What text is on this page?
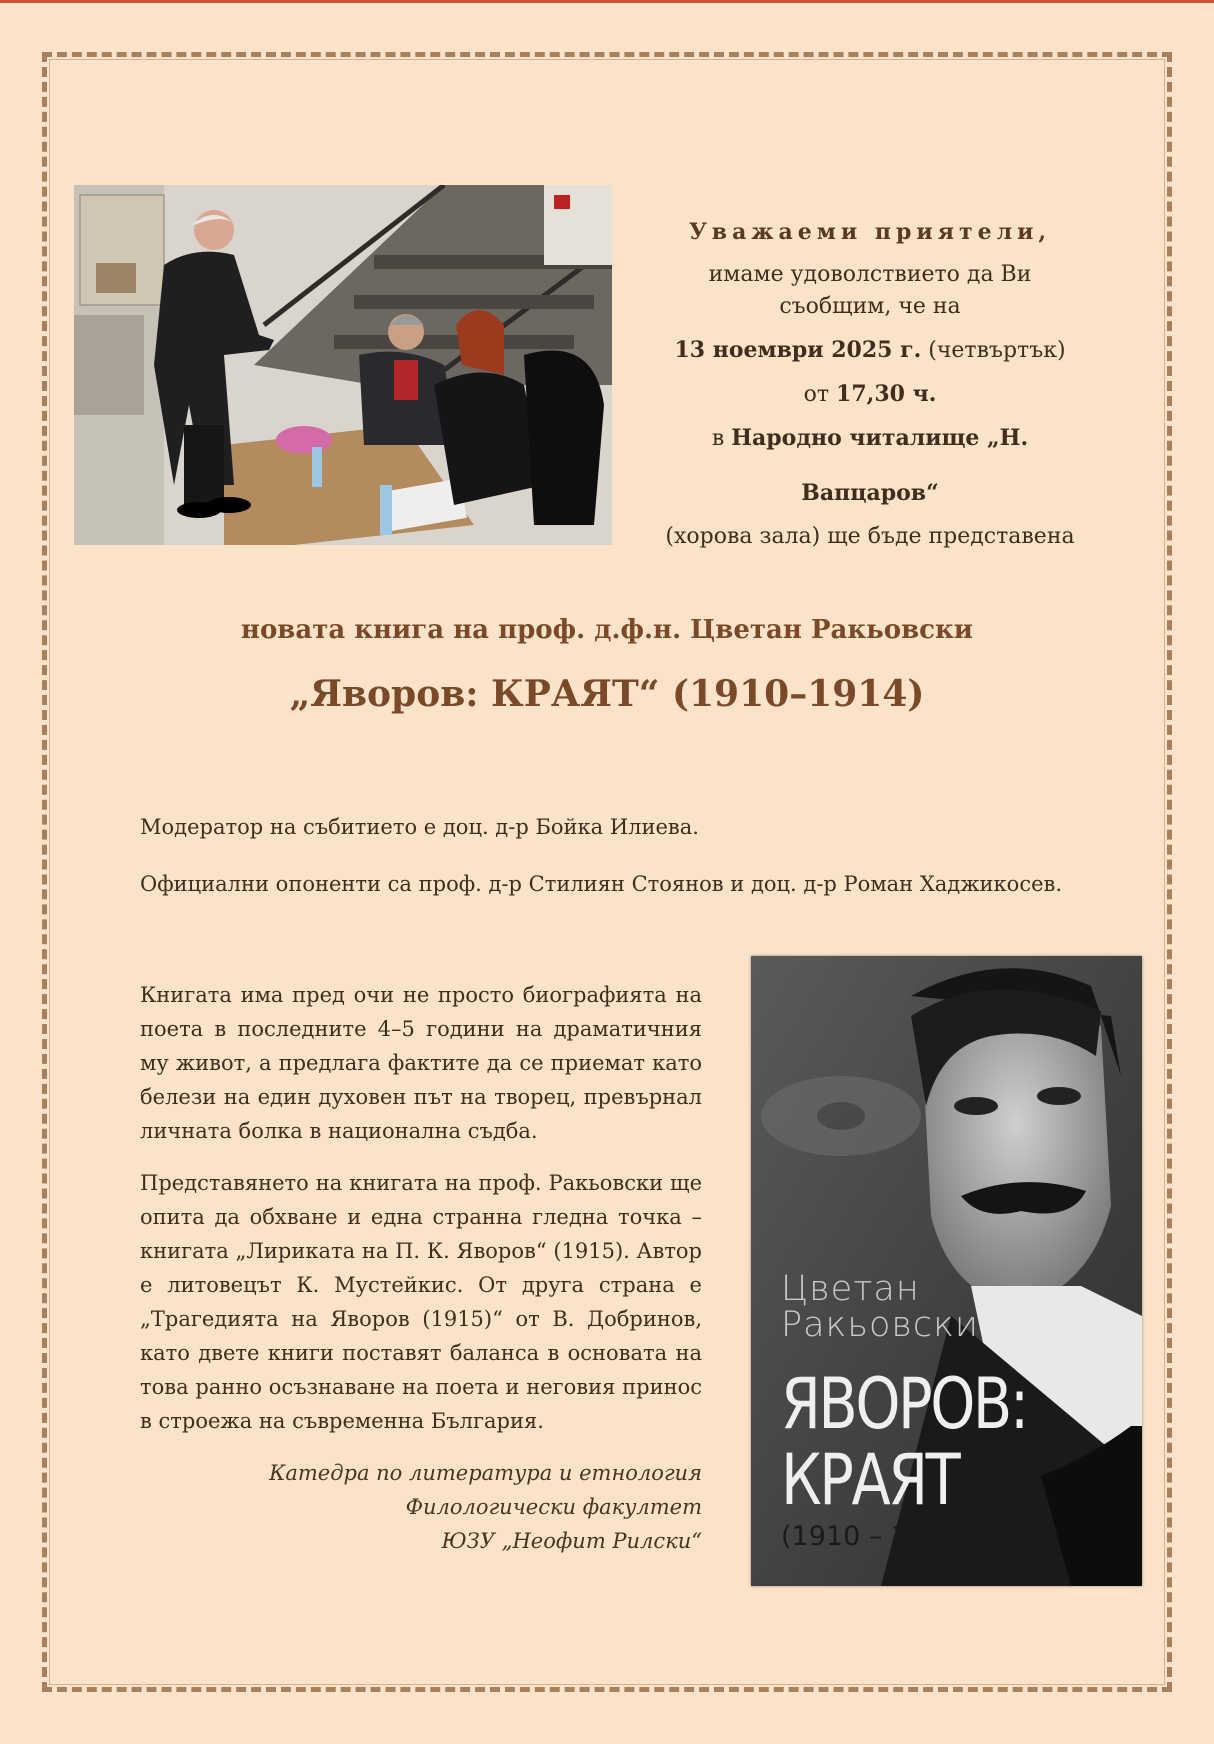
Уважаеми приятели,
имаме удоволствието да Ви
съобщим, че на
13 ноември 2025 г. (четвъртък)
от 17,30 ч.
в Народно читалище „Н. Вапцаров“
(хорова зала) ще бъде представена
новата книга на проф. д.ф.н. Цветан Ракьовски
„Яворов: КРАЯТ“ (1910–1914)
Модератор на събитието е доц. д-р Бойка Илиева.
Официални опоненти са проф. д-р Стилиян Стоянов и доц. д-р Роман Хаджикосев.
Книгата има пред очи не просто биографията на поета в последните 4–5 години на драматичния му живот, а предлага фактите да се приемат като белези на един духовен път на творец, превърнал личната болка в национална съдба.
Представянето на книгата на проф. Ракьовски ще опита да обхване и една странна гледна точка – книгата „Лириката на П. К. Яворов“ (1915). Автор е литовецът К. Мустейкис. От друга страна е „Трагедията на Яворов (1915)“ от В. Добринов, като двете книги поставят баланса в основата на това ранно осъзнаване на поета и неговия принос в строежа на съвременна България.
Катедра по литература и етнология
Филологически факултет
ЮЗУ „Неофит Рилски“
Цветан
Ракьовски
ЯВОРОВ:
КРАЯТ
(1910 – 1914)
